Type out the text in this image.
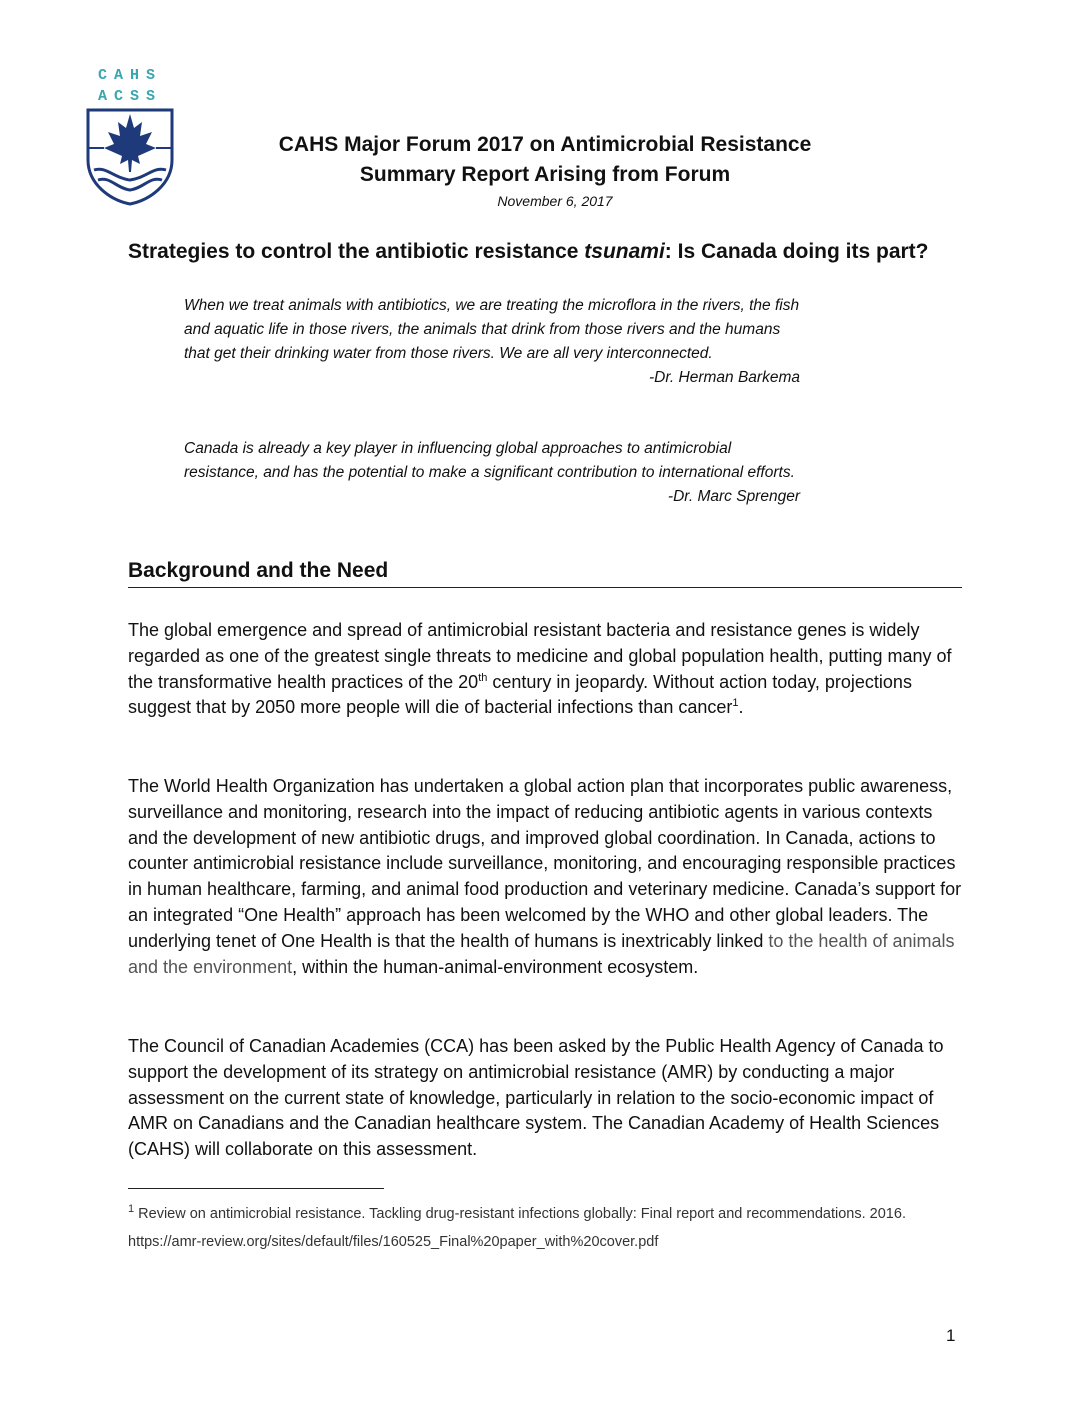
CAHS
ACSS
CAHS Major Forum 2017 on Antimicrobial Resistance
Summary Report Arising from Forum
November 6, 2017
Strategies to control the antibiotic resistance tsunami: Is Canada doing its part?
When we treat animals with antibiotics, we are treating the microflora in the rivers, the fish and aquatic life in those rivers, the animals that drink from those rivers and the humans that get their drinking water from those rivers. We are all very interconnected.
-Dr. Herman Barkema
Canada is already a key player in influencing global approaches to antimicrobial resistance, and has the potential to make a significant contribution to international efforts.
-Dr. Marc Sprenger
Background and the Need
The global emergence and spread of antimicrobial resistant bacteria and resistance genes is widely regarded as one of the greatest single threats to medicine and global population health, putting many of the transformative health practices of the 20th century in jeopardy. Without action today, projections suggest that by 2050 more people will die of bacterial infections than cancer$^1$.
The World Health Organization has undertaken a global action plan that incorporates public awareness, surveillance and monitoring, research into the impact of reducing antibiotic agents in various contexts and the development of new antibiotic drugs, and improved global coordination. In Canada, actions to counter antimicrobial resistance include surveillance, monitoring, and encouraging responsible practices in human healthcare, farming, and animal food production and veterinary medicine. Canada’s support for an integrated “One Health” approach has been welcomed by the WHO and other global leaders. The underlying tenet of One Health is that the health of humans is inextricably linked to the health of animals and the environment, within the human-animal-environment ecosystem.
The Council of Canadian Academies (CCA) has been asked by the Public Health Agency of Canada to support the development of its strategy on antimicrobial resistance (AMR) by conducting a major assessment on the current state of knowledge, particularly in relation to the socio-economic impact of AMR on Canadians and the Canadian healthcare system. The Canadian Academy of Health Sciences (CAHS) will collaborate on this assessment.
$^1$ Review on antimicrobial resistance. Tackling drug-resistant infections globally: Final report and recommendations. 2016. https://amr-review.org/sites/default/files/160525_Final%20paper_with%20cover.pdf
1
